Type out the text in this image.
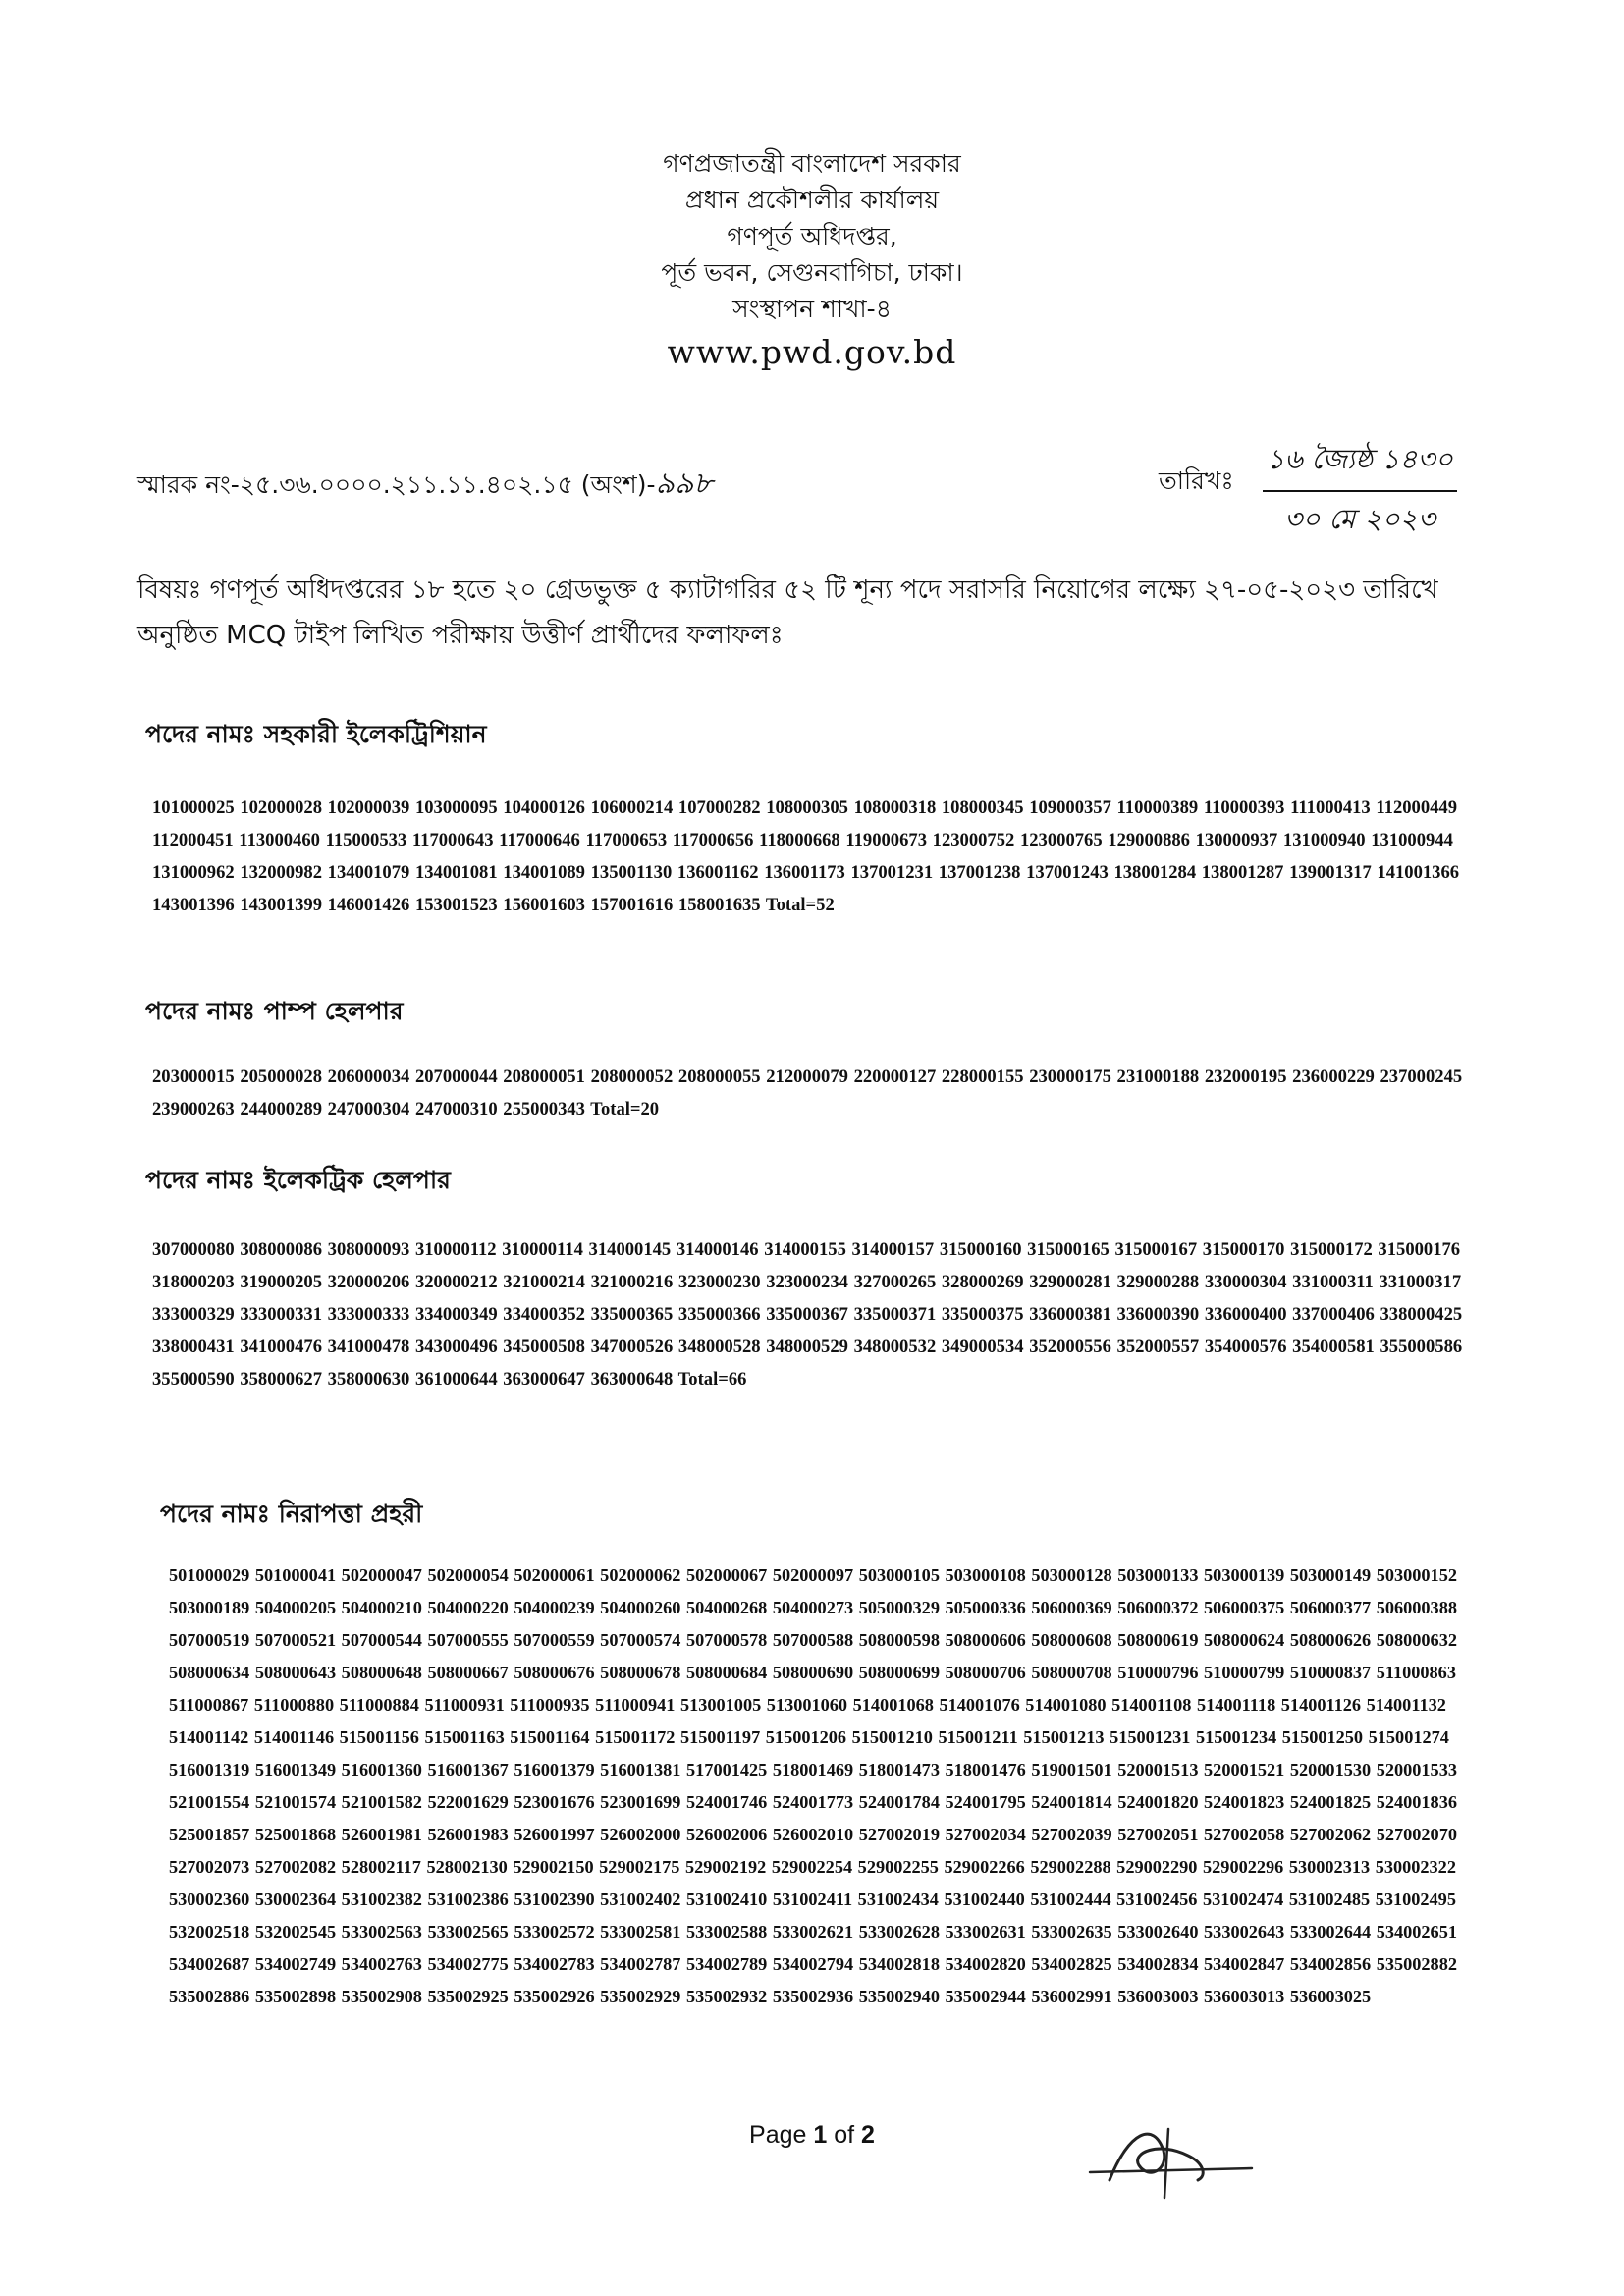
গণপ্রজাতন্ত্রী বাংলাদেশ সরকার
প্রধান প্রকৌশলীর কার্যালয়
গণপূর্ত অধিদপ্তর,
পূর্ত ভবন, সেগুনবাগিচা, ঢাকা।
সংস্থাপন শাখা-৪
www.pwd.gov.bd
স্মারক নং-২৫.৩৬.০০০০.২১১.১১.৪০২.১৫ (অংশ)-৯৯৮	তারিখঃ
১৬ জ্যৈষ্ঠ ১৪৩০
৩০ মে ২০২৩
বিষয়ঃ গণপূর্ত অধিদপ্তরের ১৮ হতে ২০ গ্রেডভুক্ত ৫ ক্যাটাগরির ৫২ টি শূন্য পদে সরাসরি নিয়োগের লক্ষ্যে ২৭-০৫-২০২৩ তারিখে অনুষ্ঠিত MCQ টাইপ লিখিত পরীক্ষায় উত্তীর্ণ প্রার্থীদের ফলাফলঃ
পদের নামঃ সহকারী ইলেকট্রিশিয়ান
101000025 102000028 102000039 103000095 104000126 106000214 107000282 108000305 108000318 108000345 109000357 110000389 110000393 111000413 112000449 112000451 113000460 115000533 117000643 117000646 117000653 117000656 118000668 119000673 123000752 123000765 129000886 130000937 131000940 131000944 131000962 132000982 134001079 134001081 134001089 135001130 136001162 136001173 137001231 137001238 137001243 138001284 138001287 139001317 141001366 143001396 143001399 146001426 153001523 156001603 157001616 158001635 Total=52
পদের নামঃ পাম্প হেলপার
203000015 205000028 206000034 207000044 208000051 208000052 208000055 212000079 220000127 228000155 230000175 231000188 232000195 236000229 237000245 239000263 244000289 247000304 247000310 255000343 Total=20
পদের নামঃ ইলেকট্রিক হেলপার
307000080 308000086 308000093 310000112 310000114 314000145 314000146 314000155 314000157 315000160 315000165 315000167 315000170 315000172 315000176 318000203 319000205 320000206 320000212 321000214 321000216 323000230 323000234 327000265 328000269 329000281 329000288 330000304 331000311 331000317 333000329 333000331 333000333 334000349 334000352 335000365 335000366 335000367 335000371 335000375 336000381 336000390 336000400 337000406 338000425 338000431 341000476 341000478 343000496 345000508 347000526 348000528 348000529 348000532 349000534 352000556 352000557 354000576 354000581 355000586 355000590 358000627 358000630 361000644 363000647 363000648 Total=66
পদের নামঃ নিরাপত্তা প্রহরী
501000029 501000041 502000047 502000054 502000061 502000062 502000067 502000097 503000105 503000108 503000128 503000133 503000139 503000149 503000152 503000189 504000205 504000210 504000220 504000239 504000260 504000268 504000273 505000329 505000336 506000369 506000372 506000375 506000377 506000388 507000519 507000521 507000544 507000555 507000559 507000574 507000578 507000588 508000598 508000606 508000608 508000619 508000624 508000626 508000632 508000634 508000643 508000648 508000667 508000676 508000678 508000684 508000690 508000699 508000706 508000708 510000796 510000799 510000837 511000863 511000867 511000880 511000884 511000931 511000935 511000941 513001005 513001060 514001068 514001076 514001080 514001108 514001118 514001126 514001132 514001142 514001146 515001156 515001163 515001164 515001172 515001197 515001206 515001210 515001211 515001213 515001231 515001234 515001250 515001274 516001319 516001349 516001360 516001367 516001379 516001381 517001425 518001469 518001473 518001476 519001501 520001513 520001521 520001530 520001533 521001554 521001574 521001582 522001629 523001676 523001699 524001746 524001773 524001784 524001795 524001814 524001820 524001823 524001825 524001836 525001857 525001868 526001981 526001983 526001997 526002000 526002006 526002010 527002019 527002034 527002039 527002051 527002058 527002062 527002070 527002073 527002082 528002117 528002130 529002150 529002175 529002192 529002254 529002255 529002266 529002288 529002290 529002296 530002313 530002322 530002360 530002364 531002382 531002386 531002390 531002402 531002410 531002411 531002434 531002440 531002444 531002456 531002474 531002485 531002495 532002518 532002545 533002563 533002565 533002572 533002581 533002588 533002621 533002628 533002631 533002635 533002640 533002643 533002644 534002651 534002687 534002749 534002763 534002775 534002783 534002787 534002789 534002794 534002818 534002820 534002825 534002834 534002847 534002856 535002882 535002886 535002898 535002908 535002925 535002926 535002929 535002932 535002936 535002940 535002944 536002991 536003003 536003013 536003025
Page 1 of 2
